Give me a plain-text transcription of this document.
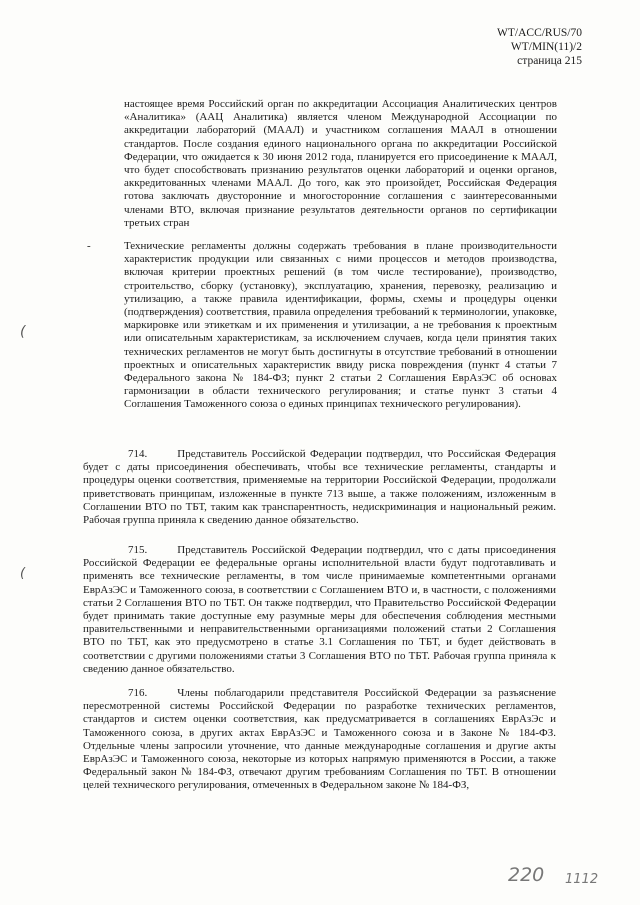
WT/ACC/RUS/70
WT/MIN(11)/2
страница 215
настоящее время Российский орган по аккредитации Ассоциация Аналитических центров «Аналитика» (ААЦ Аналитика) является членом Международной Ассоциации по аккредитации лабораторий (МААЛ) и участником соглашения МААЛ в отношении стандартов. После создания единого национального органа по аккредитации Российской Федерации, что ожидается к 30 июня 2012 года, планируется его присоединение к МААЛ, что будет способствовать признанию результатов оценки лабораторий и оценки органов, аккредитованных членами МААЛ. До того, как это произойдет, Российская Федерация готова заключать двусторонние и многосторонние соглашения с заинтересованными членами ВТО, включая признание результатов деятельности органов по сертификации третьих стран
-	Технические регламенты должны содержать требования в плане производительности характеристик продукции или связанных с ними процессов и методов производства, включая критерии проектных решений (в том числе тестирование), производство, строительство, сборку (установку), эксплуатацию, хранения, перевозку, реализацию и утилизацию, а также правила идентификации, формы, схемы и процедуры оценки (подтверждения) соответствия, правила определения требований к терминологии, упаковке, маркировке или этикеткам и их применения и утилизации, а не требования к проектным или описательным характеристикам, за исключением случаев, когда цели принятия таких технических регламентов не могут быть достигнуты в отсутствие требований в отношении проектных и описательных характеристик ввиду риска повреждения (пункт 4 статьи 7 Федерального закона № 184-ФЗ; пункт 2 статьи 2 Соглашения ЕврАзЭС об основах гармонизации в области технического регулирования; и статье пункт 3 статьи 4 Соглашения Таможенного союза о единых принципах технического регулирования).
714.	Представитель Российской Федерации подтвердил, что Российская Федерация будет с даты присоединения обеспечивать, чтобы все технические регламенты, стандарты и процедуры оценки соответствия, применяемые на территории Российской Федерации, продолжали приветствовать принципам, изложенные в пункте 713 выше, а также положениям, изложенным в Соглашении ВТО по ТБТ, таким как транспарентность, недискриминация и национальный режим. Рабочая группа приняла к сведению данное обязательство.
715.	Представитель Российской Федерации подтвердил, что с даты присоединения Российской Федерации ее федеральные органы исполнительной власти будут подготавливать и применять все технические регламенты, в том числе принимаемые компетентными органами ЕврАзЭС и Таможенного союза, в соответствии с Соглашением ВТО и, в частности, с положениями статьи 2 Соглашения ВТО по ТБТ. Он также подтвердил, что Правительство Российской Федерации будет принимать такие доступные ему разумные меры для обеспечения соблюдения местными правительственными и неправительственными организациями положений статьи 2 Соглашения ВТО по ТБТ, как это предусмотрено в статье 3.1 Соглашения по ТБТ, и будет действовать в соответствии с другими положениями статьи 3 Соглашения ВТО по ТБТ. Рабочая группа приняла к сведению данное обязательство.
716.	Члены поблагодарили представителя Российской Федерации за разъяснение пересмотренной системы Российской Федерации по разработке технических регламентов, стандартов и систем оценки соответствия, как предусматривается в соглашениях ЕврАзЭс и Таможенного союза, в других актах ЕврАзЭС и Таможенного союза и в Законе № 184-ФЗ. Отдельные члены запросили уточнение, что данные международные соглашения и другие акты ЕврАзЭС и Таможенного союза, некоторые из которых напрямую применяются в России, а также Федеральный закон № 184-ФЗ, отвечают другим требованиям Соглашения по ТБТ. В отношении целей технического регулирования, отмеченных в Федеральном законе № 184-ФЗ,
(
(
220 1112
